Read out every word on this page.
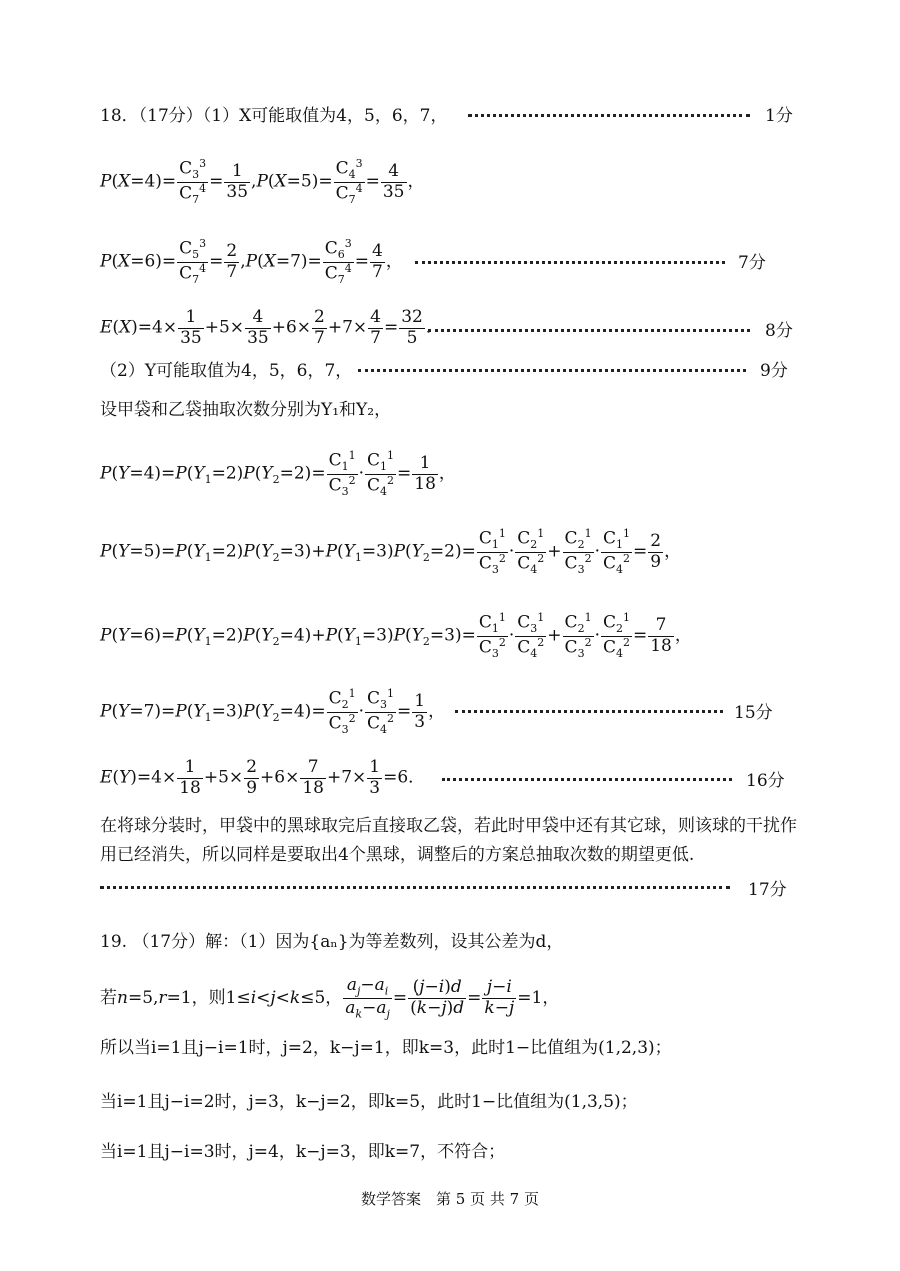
18．（17分）（1）X可能取值为4，5，6，7，	1分
$P(X=4)= \frac{C_3^3}{C_7^4} = \frac{1}{35} ,P(X=5)= \frac{C_4^3}{C_7^4} = \frac{4}{35}$ ，
$P(X=6)= \frac{C_5^3}{C_7^4} = \frac{2}{7} ,P(X=7)= \frac{C_6^3}{C_7^4} = \frac{4}{7}$ ，	7分
$E(X)=4\times \frac{1}{35} +5\times \frac{4}{35} +6\times \frac{2}{7} +7\times \frac{4}{7} = \frac{32}{5}$ ．	8分
（2）Y可能取值为4，5，6，7，	9分
设甲袋和乙袋抽取次数分别为Y₁和Y₂，
$P(Y=4)=P(Y_1=2)P(Y_2=2)= \frac{C_1^1}{C_3^2} \cdot \frac{C_1^1}{C_4^2} = \frac{1}{18}$ ，
$P(Y=5)=P(Y_1=2)P(Y_2=3)+P(Y_1=3)P(Y_2=2)= \frac{C_1^1}{C_3^2} \cdot \frac{C_2^1}{C_4^2} + \frac{C_2^1}{C_3^2} \cdot \frac{C_1^1}{C_4^2} = \frac{2}{9}$ ，
$P(Y=6)=P(Y_1=2)P(Y_2=4)+P(Y_1=3)P(Y_2=3)= \frac{C_1^1}{C_3^2} \cdot \frac{C_3^1}{C_4^2} + \frac{C_2^1}{C_3^2} \cdot \frac{C_2^1}{C_4^2} = \frac{7}{18}$ ，
$P(Y=7)=P(Y_1=3)P(Y_2=4)= \frac{C_2^1}{C_3^2} \cdot \frac{C_3^1}{C_4^2} = \frac{1}{3}$ ，	15分
$E(Y)=4\times \frac{1}{18} +5\times \frac{2}{9} +6\times \frac{7}{18} +7\times \frac{1}{3} =6$．	16分
在将球分装时，甲袋中的黑球取完后直接取乙袋，若此时甲袋中还有其它球，则该球的干扰作用已经消失，所以同样是要取出4个黑球，调整后的方案总抽取次数的期望更低.
17分
19. （17分）解：（1）因为{aₙ}为等差数列，设其公差为d，
若n=5,r=1，则1≤i<j<k≤5， $\frac{a_j-a_i}{a_k-a_j} = \frac{(j-i)d}{(k-j)d} = \frac{j-i}{k-j} =1$，
所以当i=1且j−i=1时，j=2，k−j=1，即k=3，此时1−比值组为(1,2,3)；
当i=1且j−i=2时，j=3，k−j=2，即k=5，此时1−比值组为(1,3,5)；
当i=1且j−i=3时，j=4，k−j=3，即k=7，不符合；
数学答案　第 5 页 共 7 页
